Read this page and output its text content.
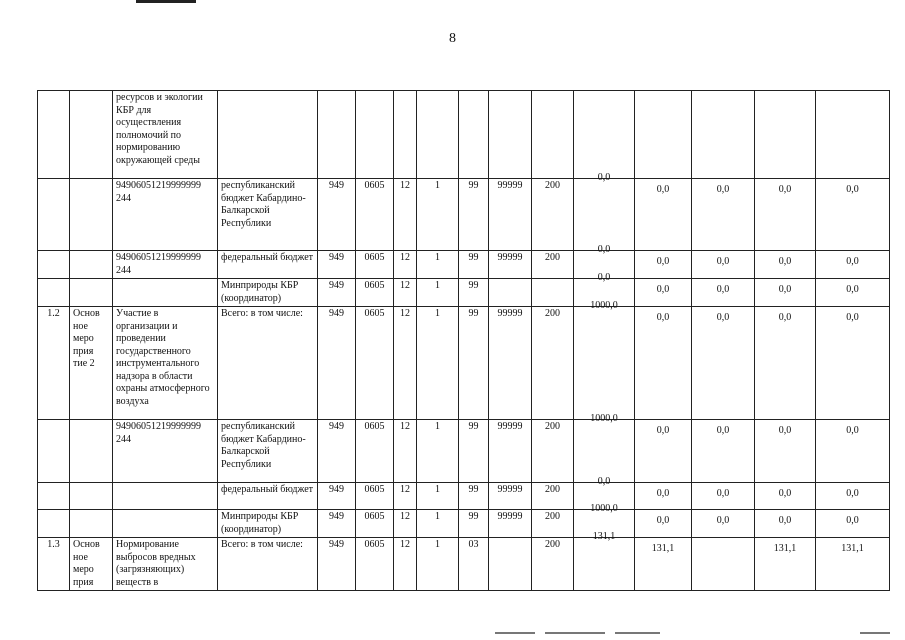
8
		ресурсов и экологии КБР для осуществления полномочий по нормированию окружающей среды													
		94906051219999999 244	республиканский бюджет Кабардино-Балкарской Республики	949	0605	12	1	99	99999	200	0,0	0,0	0,0	0,0	0,0
		94906051219999999 244	федеральный бюджет	949	0605	12	1	99	99999	200	0,0	0,0	0,0	0,0	0,0
			Минприроды КБР (координатор)	949	0605	12	1	99			0,0	0,0	0,0	0,0	0,0
1.2	Основ ное меро прия тие 2	Участие в организации и проведении государственного инструментального надзора в области охраны атмосферного воздуха	Всего: в том числе:	949	0605	12	1	99	99999	200	1000,0	0,0	0,0	0,0	0,0
		94906051219999999 244	республиканский бюджет Кабардино-Балкарской Республики	949	0605	12	1	99	99999	200	1000,0	0,0	0,0	0,0	0,0
			федеральный бюджет	949	0605	12	1	99	99999	200	0,0	0,0	0,0	0,0	0,0
			Минприроды КБР (координатор)	949	0605	12	1	99	99999	200	1000,0	0,0	0,0	0,0	0,0
1.3	Основ ное меро прия	Нормирование выбросов вредных (загрязняющих) веществ в	Всего: в том числе:	949	0605	12	1	03		200	131,1	131,1		131,1	131,1
